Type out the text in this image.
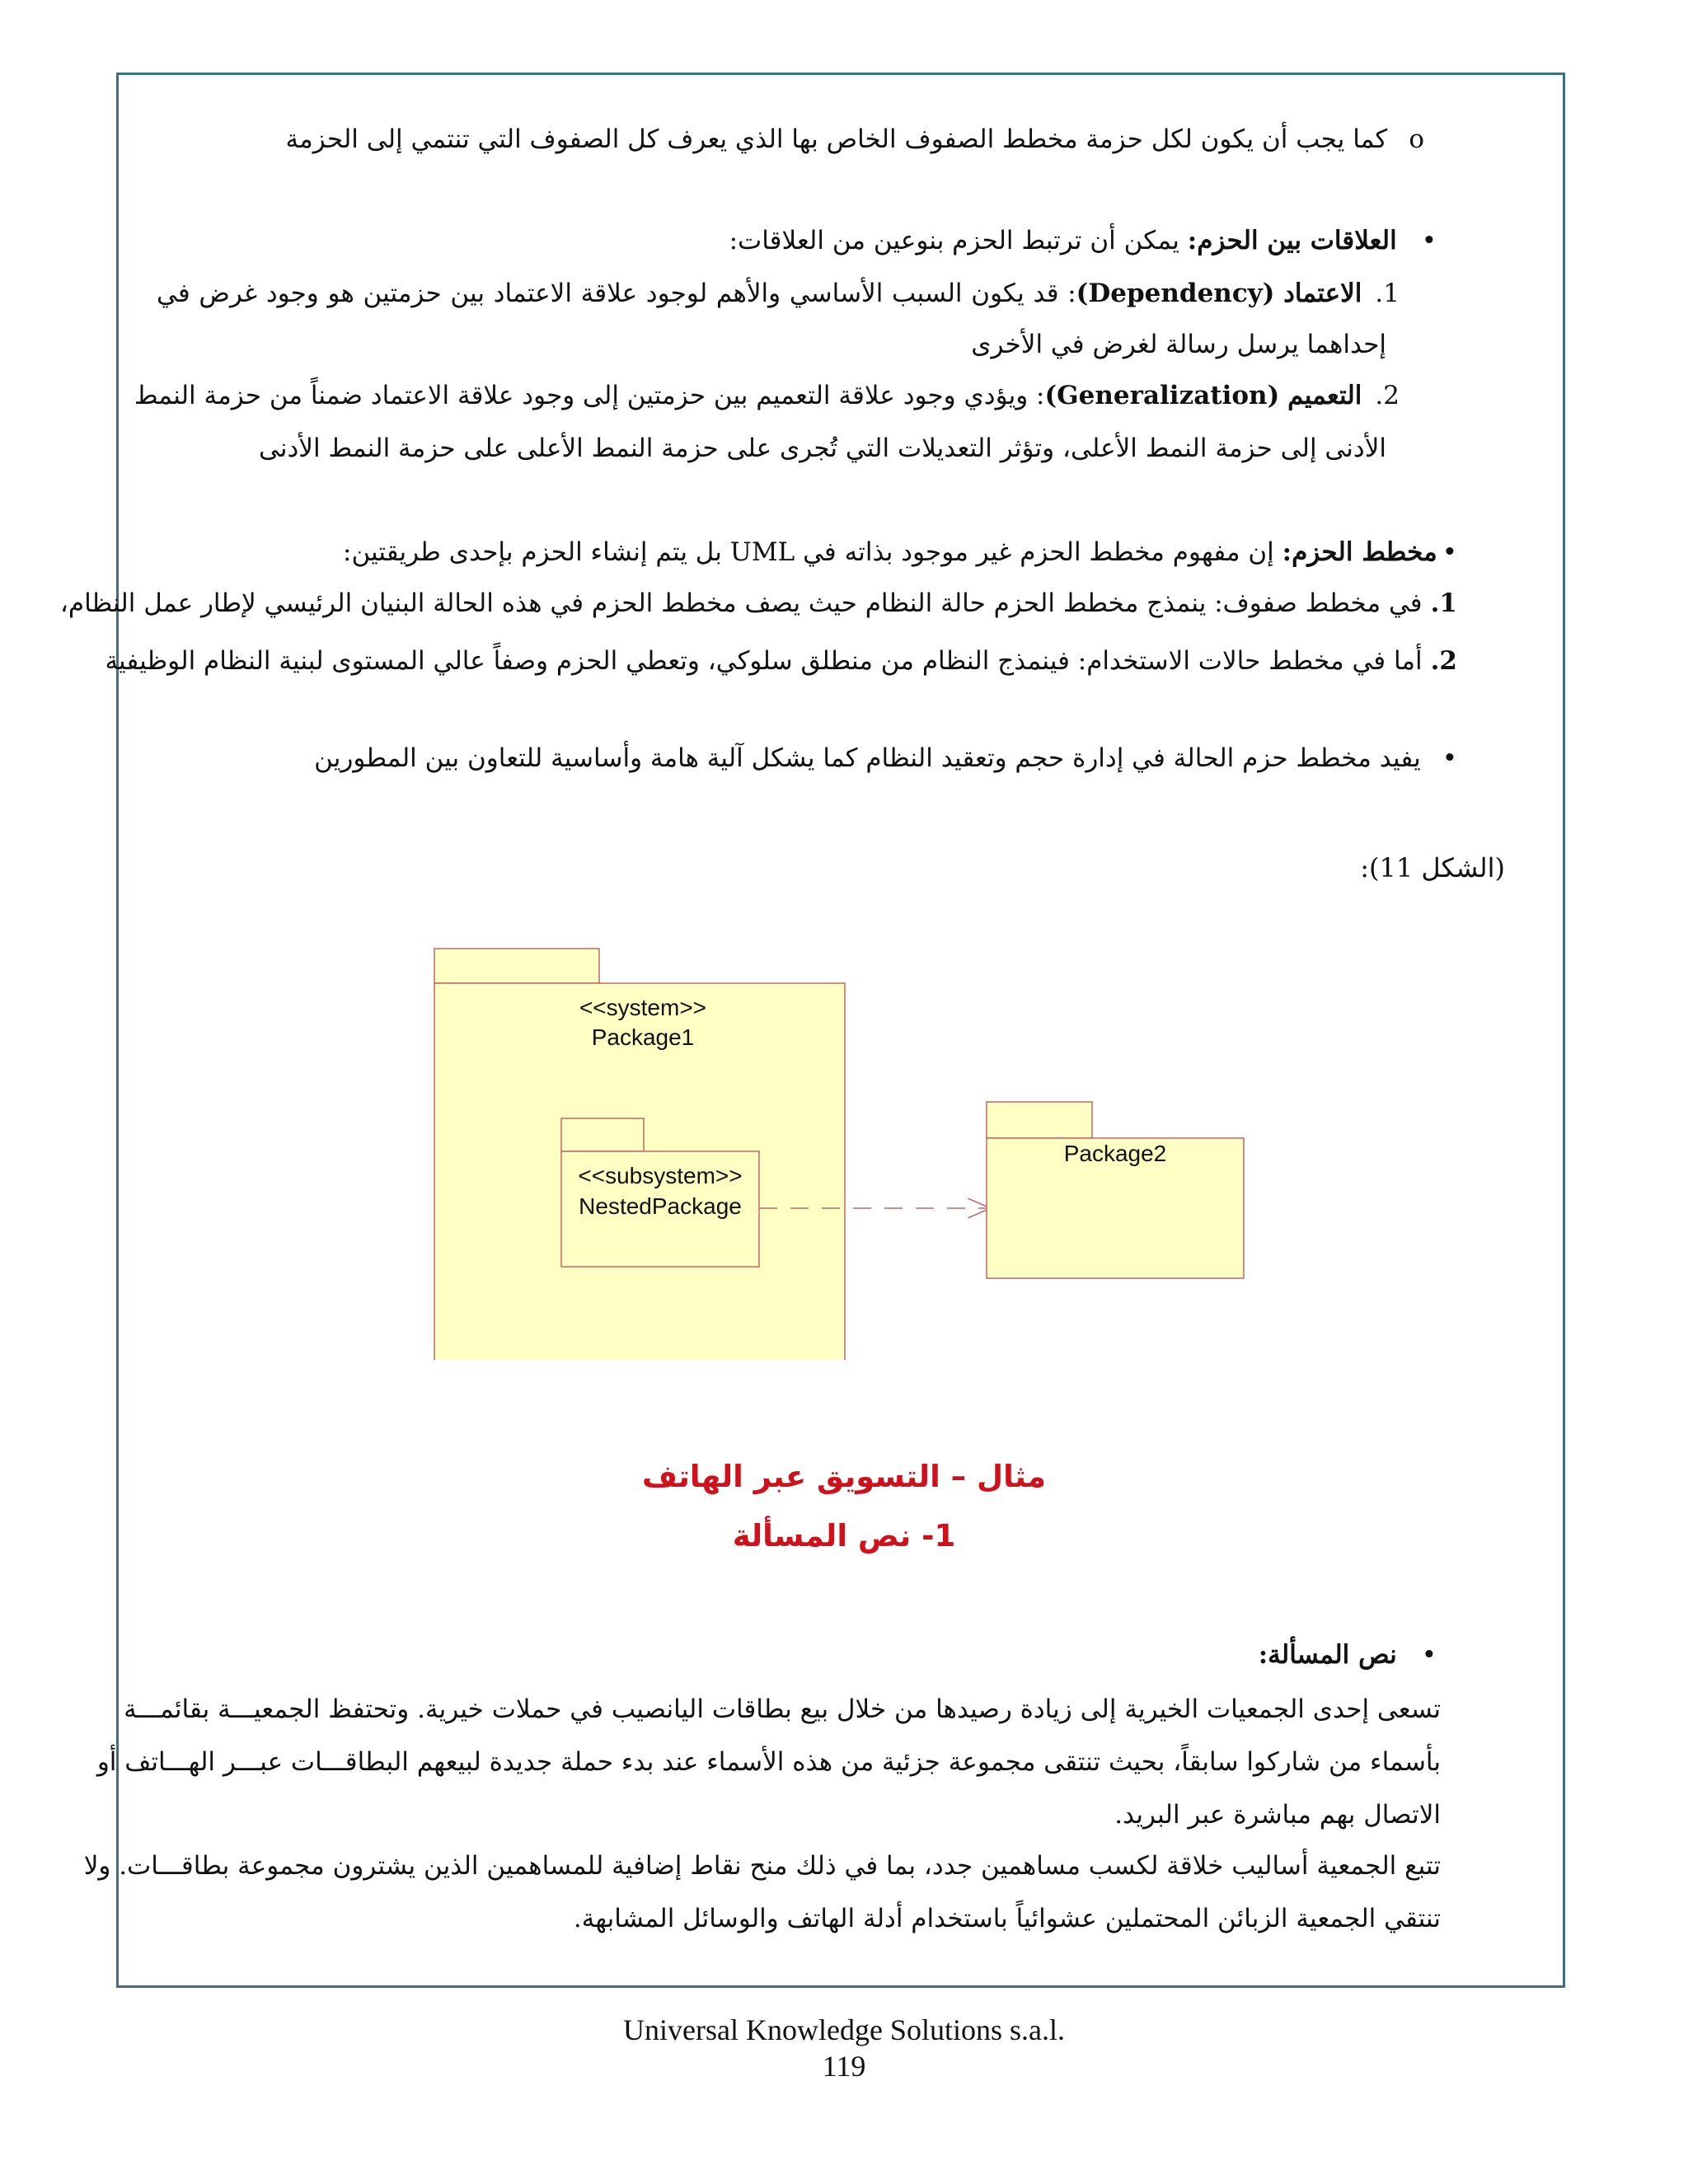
oكما يجب أن يكون لكل حزمة مخطط الصفوف الخاص بها الذي يعرف كل الصفوف التي تنتمي إلى الحزمة
•العلاقات بين الحزم: يمكن أن ترتبط الحزم بنوعين من العلاقات:
1.الاعتماد (Dependency): قد يكون السبب الأساسي والأهم لوجود علاقة الاعتماد بين حزمتين هو وجود غرض في
إحداهما يرسل رسالة لغرض في الأخرى
2.التعميم (Generalization): ويؤدي وجود علاقة التعميم بين حزمتين إلى وجود علاقة الاعتماد ضمناً من حزمة النمط
الأدنى إلى حزمة النمط الأعلى، وتؤثر التعديلات التي تُجرى على حزمة النمط الأعلى على حزمة النمط الأدنى
•مخطط الحزم: إن مفهوم مخطط الحزم غير موجود بذاته في UML بل يتم إنشاء الحزم بإحدى طريقتين:
1.في مخطط صفوف: ينمذج مخطط الحزم حالة النظام حيث يصف مخطط الحزم في هذه الحالة البنيان الرئيسي لإطار عمل النظام،
2.أما في مخطط حالات الاستخدام: فينمذج النظام من منطلق سلوكي، وتعطي الحزم وصفاً عالي المستوى لبنية النظام الوظيفية
•يفيد مخطط حزم الحالة في إدارة حجم وتعقيد النظام كما يشكل آلية هامة وأساسية للتعاون بين المطورين
(الشكل 11):
<<system>>
Package1
<<subsystem>>
NestedPackage
Package2
مثال – التسويق عبر الهاتف
1- نص المسألة
•نص المسألة:
تسعى إحدى الجمعيات الخيرية إلى زيادة رصيدها من خلال بيع بطاقات اليانصيب في حملات خيرية. وتحتفظ الجمعيـــة بقائمـــة
بأسماء من شاركوا سابقاً، بحيث تنتقى مجموعة جزئية من هذه الأسماء عند بدء حملة جديدة لبيعهم البطاقـــات عبـــر الهـــاتف أو
الاتصال بهم مباشرة عبر البريد.
تتبع الجمعية أساليب خلاقة لكسب مساهمين جدد، بما في ذلك منح نقاط إضافية للمساهمين الذين يشترون مجموعة بطاقـــات. ولا
تنتقي الجمعية الزبائن المحتملين عشوائياً باستخدام أدلة الهاتف والوسائل المشابهة.
Universal Knowledge Solutions s.a.l.
119
